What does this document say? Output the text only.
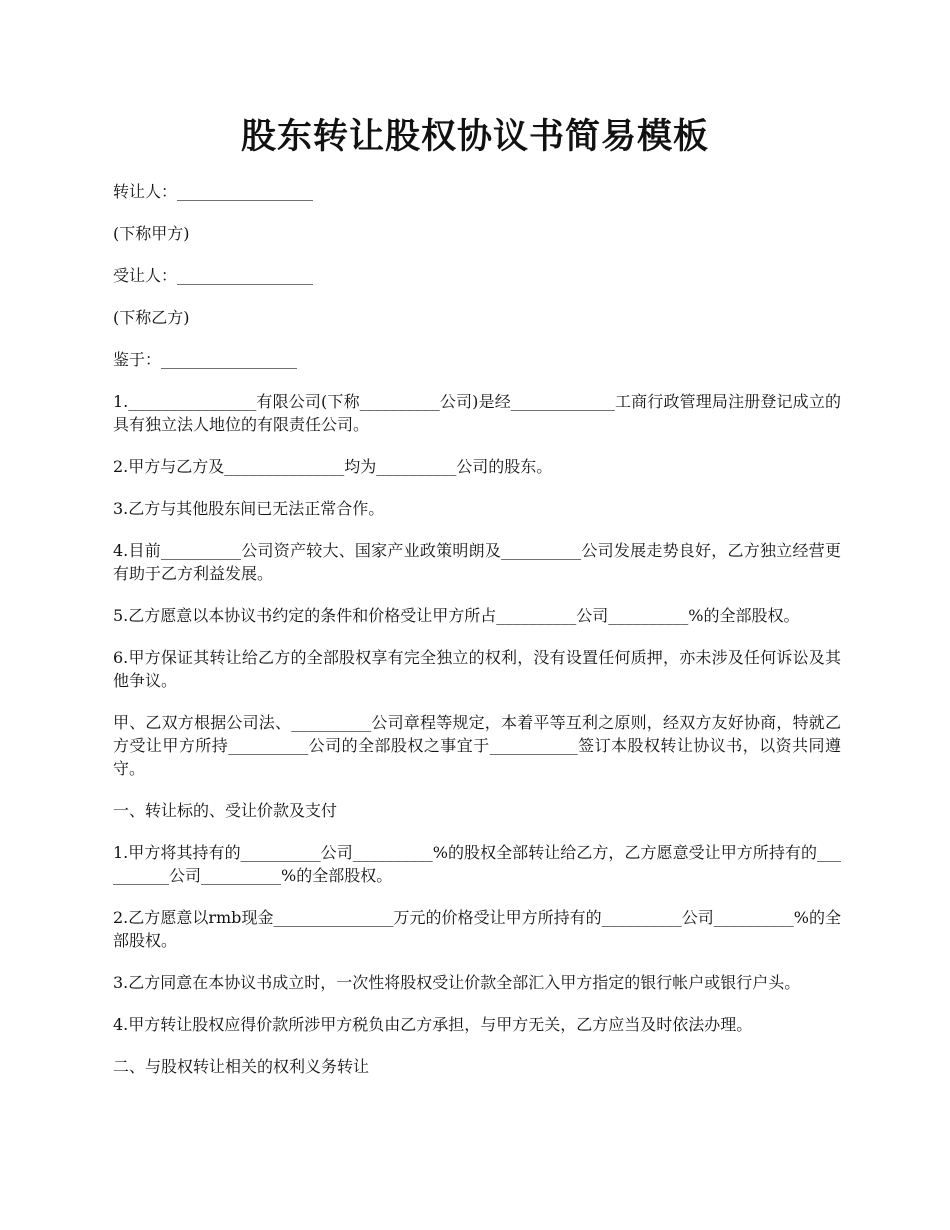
股东转让股权协议书简易模板

转让人：_________________

(下称甲方)

受让人：_________________

(下称乙方)

鉴于：_________________

1.________________有限公司(下称__________公司)是经_____________工商行政管理局注册登记成立的具有独立法人地位的有限责任公司。

2.甲方与乙方及_______________均为__________公司的股东。

3.乙方与其他股东间已无法正常合作。

4.目前__________公司资产较大、国家产业政策明朗及__________公司发展走势良好，乙方独立经营更有助于乙方利益发展。

5.乙方愿意以本协议书约定的条件和价格受让甲方所占__________公司__________%的全部股权。

6.甲方保证其转让给乙方的全部股权享有完全独立的权利，没有设置任何质押，亦未涉及任何诉讼及其他争议。

甲、乙双方根据公司法、__________公司章程等规定，本着平等互利之原则，经双方友好协商，特就乙方受让甲方所持__________公司的全部股权之事宜于___________签订本股权转让协议书，以资共同遵守。

一、转让标的、受让价款及支付

1.甲方将其持有的__________公司__________%的股权全部转让给乙方，乙方愿意受让甲方所持有的__________公司__________%的全部股权。

2.乙方愿意以rmb现金_______________万元的价格受让甲方所持有的__________公司__________%的全部股权。

3.乙方同意在本协议书成立时，一次性将股权受让价款全部汇入甲方指定的银行帐户或银行户头。

4.甲方转让股权应得价款所涉甲方税负由乙方承担，与甲方无关，乙方应当及时依法办理。

二、与股权转让相关的权利义务转让
